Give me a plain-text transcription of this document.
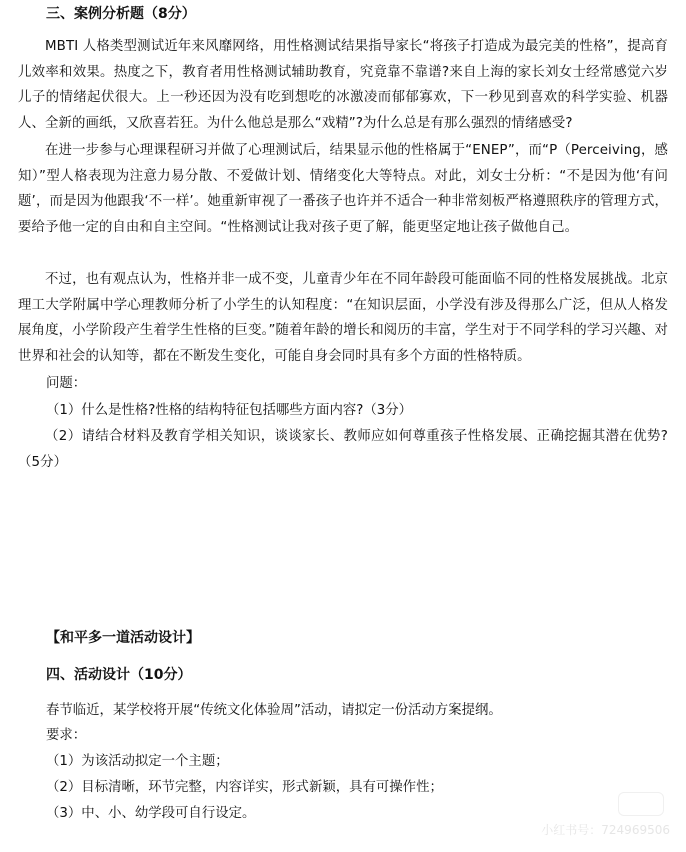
三、案例分析题（8分）
MBTI 人格类型测试近年来风靡网络，用性格测试结果指导家长“将孩子打造成为最完美的性格”，提高育儿效率和效果。热度之下，教育者用性格测试辅助教育，究竟靠不靠谱?来自上海的家长刘女士经常感觉六岁儿子的情绪起伏很大。上一秒还因为没有吃到想吃的冰激凌而郁郁寡欢，下一秒见到喜欢的科学实验、机器人、全新的画纸，又欣喜若狂。为什么他总是那么“戏精”?为什么总是有那么强烈的情绪感受?
在进一步参与心理课程研习并做了心理测试后，结果显示他的性格属于“ENEP”，而“P（Perceiving，感知）”型人格表现为注意力易分散、不爱做计划、情绪变化大等特点。对此，刘女士分析：“不是因为他‘有问题’，而是因为他跟我‘不一样’。她重新审视了一番孩子也许并不适合一种非常刻板严格遵照秩序的管理方式，要给予他一定的自由和自主空间。“性格测试让我对孩子更了解，能更坚定地让孩子做他自己。
不过，也有观点认为，性格并非一成不变，儿童青少年在不同年龄段可能面临不同的性格发展挑战。北京理工大学附属中学心理教师分析了小学生的认知程度：“在知识层面，小学没有涉及得那么广泛，但从人格发展角度，小学阶段产生着学生性格的巨变。”随着年龄的增长和阅历的丰富，学生对于不同学科的学习兴趣、对世界和社会的认知等，都在不断发生变化，可能自身会同时具有多个方面的性格特质。
问题：
（1）什么是性格?性格的结构特征包括哪些方面内容?（3分）
（2）请结合材料及教育学相关知识，谈谈家长、教师应如何尊重孩子性格发展、正确挖掘其潜在优势?（5分）
【和平多一道活动设计】
四、活动设计（10分）
春节临近，某学校将开展“传统文化体验周”活动，请拟定一份活动方案提纲。
要求：
（1）为该活动拟定一个主题；
（2）目标清晰，环节完整，内容详实，形式新颖，具有可操作性；
（3）中、小、幼学段可自行设定。
小红书号：724969506
